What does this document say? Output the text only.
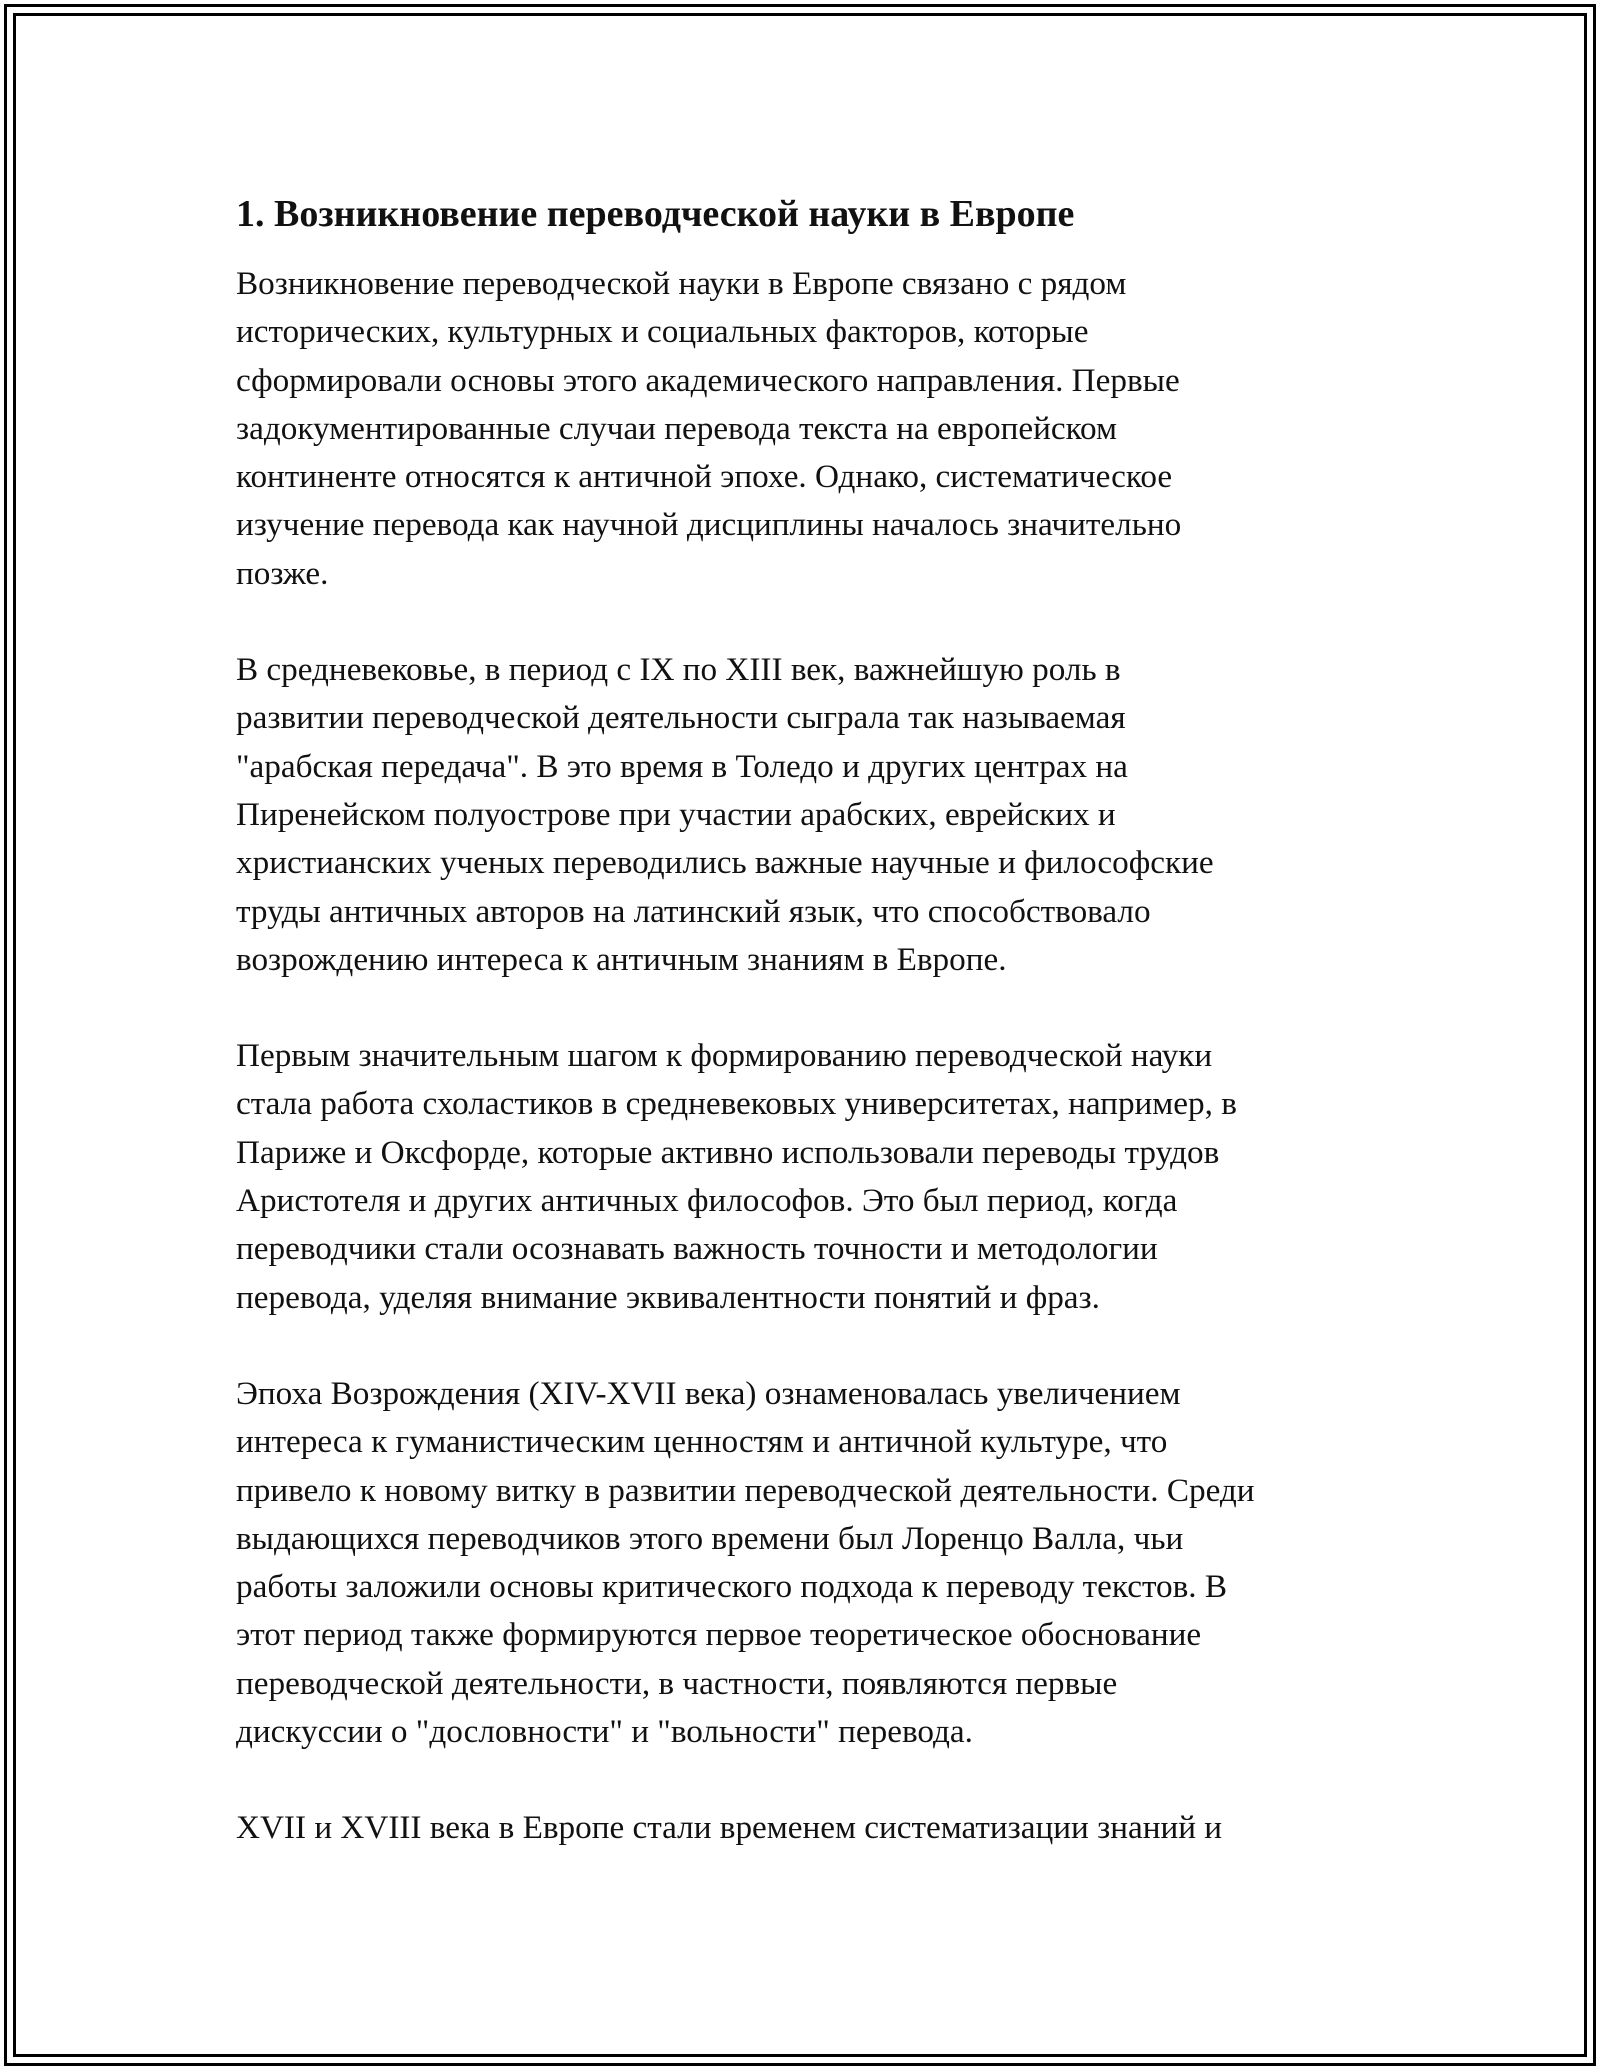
1. Возникновение переводческой науки в Европе
Возникновение переводческой науки в Европе связано с рядом
исторических, культурных и социальных факторов, которые
сформировали основы этого академического направления. Первые
задокументированные случаи перевода текста на европейском
континенте относятся к античной эпохе. Однако, систематическое
изучение перевода как научной дисциплины началось значительно
позже.
В средневековье, в период с IX по XIII век, важнейшую роль в
развитии переводческой деятельности сыграла так называемая
"арабская передача". В это время в Толедо и других центрах на
Пиренейском полуострове при участии арабских, еврейских и
христианских ученых переводились важные научные и философские
труды античных авторов на латинский язык, что способствовало
возрождению интереса к античным знаниям в Европе.
Первым значительным шагом к формированию переводческой науки
стала работа схоластиков в средневековых университетах, например, в
Париже и Оксфорде, которые активно использовали переводы трудов
Аристотеля и других античных философов. Это был период, когда
переводчики стали осознавать важность точности и методологии
перевода, уделяя внимание эквивалентности понятий и фраз.
Эпоха Возрождения (XIV-XVII века) ознаменовалась увеличением
интереса к гуманистическим ценностям и античной культуре, что
привело к новому витку в развитии переводческой деятельности. Среди
выдающихся переводчиков этого времени был Лоренцо Валла, чьи
работы заложили основы критического подхода к переводу текстов. В
этот период также формируются первое теоретическое обоснование
переводческой деятельности, в частности, появляются первые
дискуссии о "дословности" и "вольности" перевода.
XVII и XVIII века в Европе стали временем систематизации знаний и
